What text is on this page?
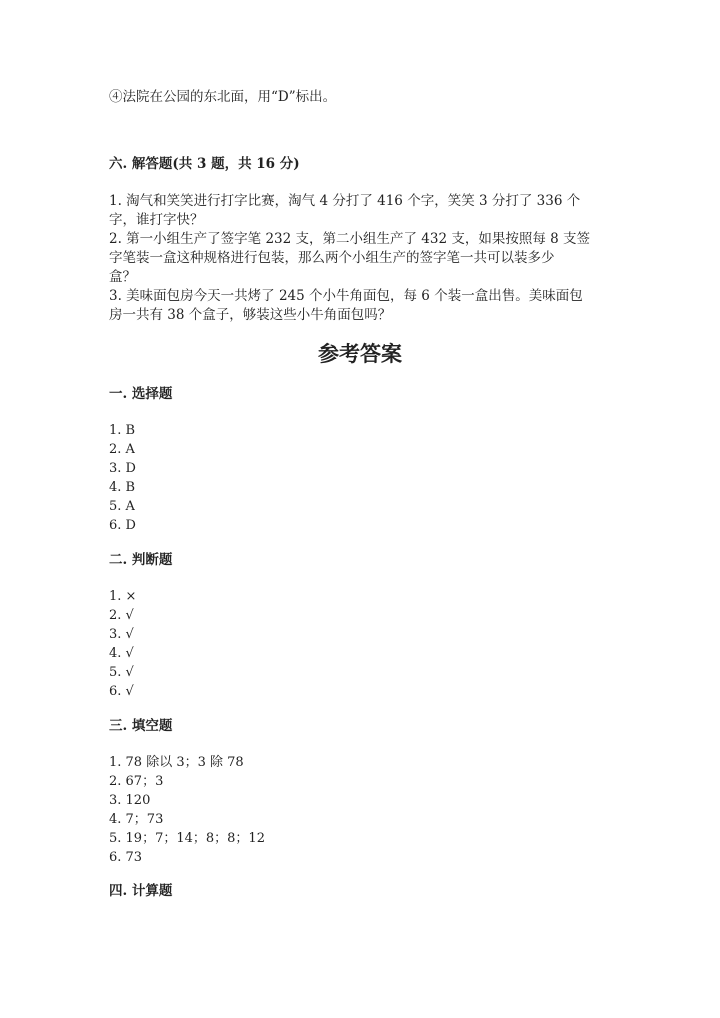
④法院在公园的东北面，用“D”标出。
六. 解答题(共 3 题，共 16 分)
1. 淘气和笑笑进行打字比赛，淘气 4 分打了 416 个字，笑笑 3 分打了 336 个
字，谁打字快？
2. 第一小组生产了签字笔 232 支，第二小组生产了 432 支，如果按照每 8 支签
字笔装一盒这种规格进行包装，那么两个小组生产的签字笔一共可以装多少
盒？
3. 美味面包房今天一共烤了 245 个小牛角面包，每 6 个装一盒出售。美味面包
房一共有 38 个盒子，够装这些小牛角面包吗？
参考答案
一. 选择题
1. B
2. A
3. D
4. B
5. A
6. D
二. 判断题
1. ×
2. √
3. √
4. √
5. √
6. √
三. 填空题
1. 78 除以 3；3 除 78
2. 67；3
3. 120
4. 7；73
5. 19；7；14；8；8；12
6. 73
四. 计算题
